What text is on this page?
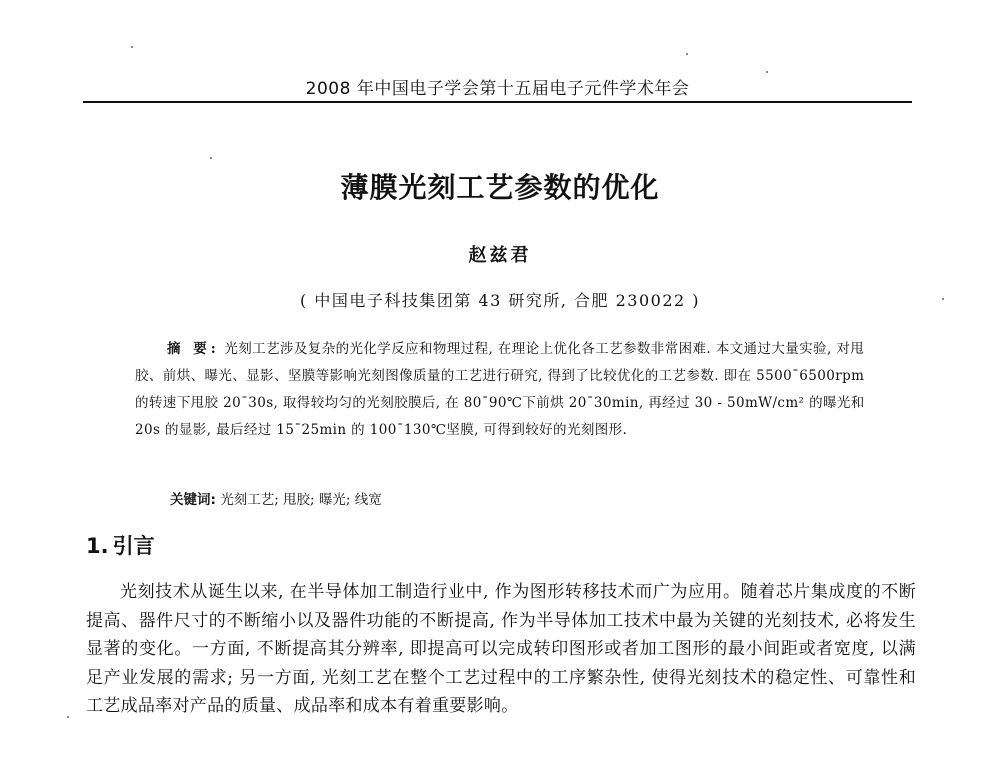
2008 年中国电子学会第十五届电子元件学术年会
薄膜光刻工艺参数的优化
赵兹君
( 中国电子科技集团第 43 研究所, 合肥 230022 )
摘 要: 光刻工艺涉及复杂的光化学反应和物理过程, 在理论上优化各工艺参数非常困难. 本文通过大量实验, 对甩胶、前烘、曝光、显影、坚膜等影响光刻图像质量的工艺进行研究, 得到了比较优化的工艺参数. 即在 5500¯6500rpm 的转速下甩胶 20¯30s, 取得较均匀的光刻胶膜后, 在 80¯90℃下前烘 20¯30min, 再经过 30 - 50mW/cm² 的曝光和 20s 的显影, 最后经过 15¯25min 的 100¯130℃坚膜, 可得到较好的光刻图形.
关键词: 光刻工艺; 甩胶; 曝光; 线宽
1. 引言
光刻技术从诞生以来, 在半导体加工制造行业中, 作为图形转移技术而广为应用。随着芯片集成度的不断提高、器件尺寸的不断缩小以及器件功能的不断提高, 作为半导体加工技术中最为关键的光刻技术, 必将发生显著的变化。一方面, 不断提高其分辨率, 即提高可以完成转印图形或者加工图形的最小间距或者宽度, 以满足产业发展的需求; 另一方面, 光刻工艺在整个工艺过程中的工序繁杂性, 使得光刻技术的稳定性、可靠性和工艺成品率对产品的质量、成品率和成本有着重要影响。
